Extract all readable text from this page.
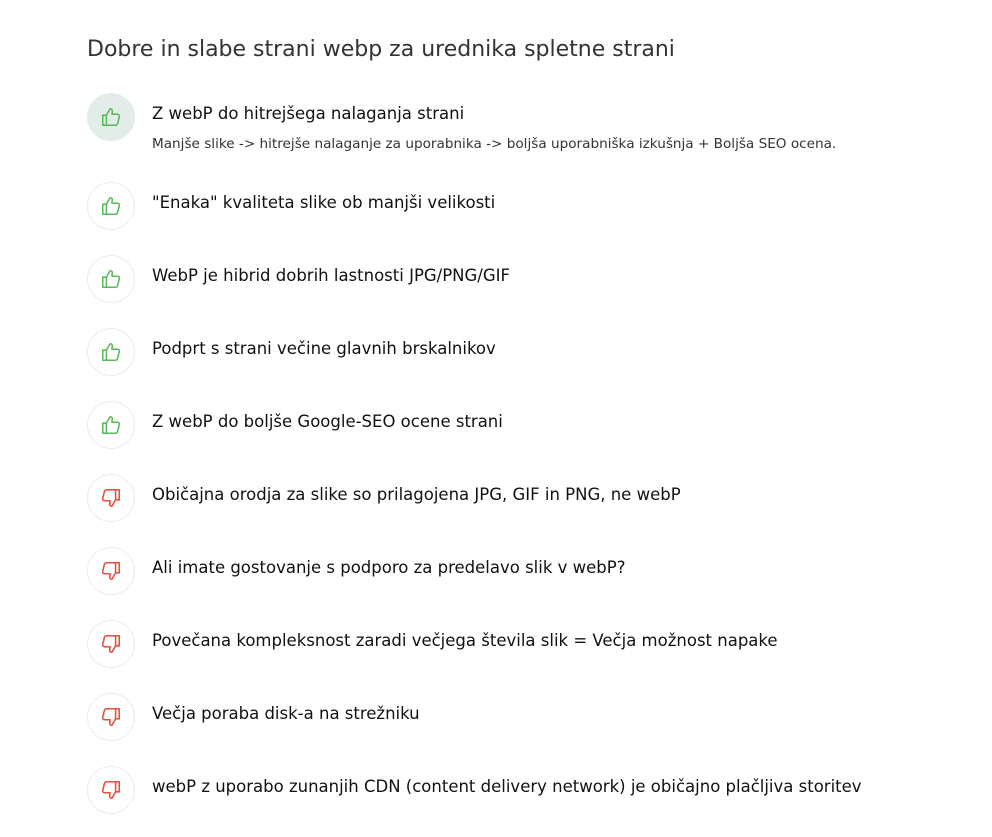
Dobre in slabe strani webp za urednika spletne strani
Z webP do hitrejšega nalaganja strani
Manjše slike -> hitrejše nalaganje za uporabnika -> boljša uporabniška izkušnja + Boljša SEO ocena.
"Enaka" kvaliteta slike ob manjši velikosti
WebP je hibrid dobrih lastnosti JPG/PNG/GIF
Podprt s strani večine glavnih brskalnikov
Z webP do boljše Google-SEO ocene strani
Običajna orodja za slike so prilagojena JPG, GIF in PNG, ne webP
Ali imate gostovanje s podporo za predelavo slik v webP?
Povečana kompleksnost zaradi večjega števila slik = Večja možnost napake
Večja poraba disk-a na strežniku
webP z uporabo zunanjih CDN (content delivery network) je običajno plačljiva storitev
